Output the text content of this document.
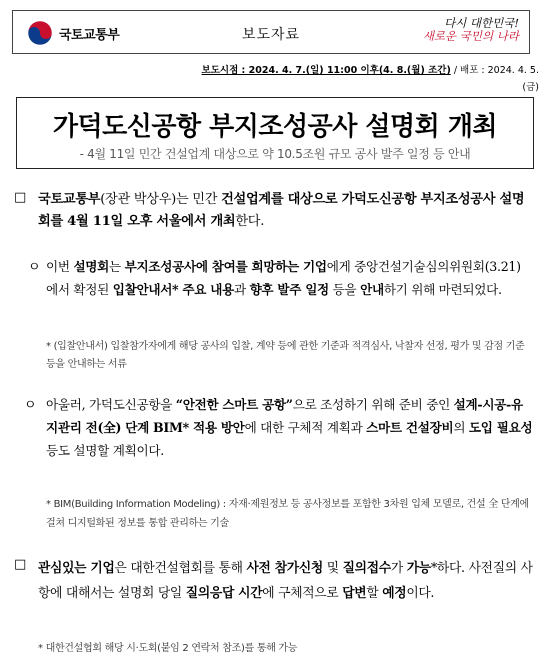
국토교통부	보도자료
다시 대한민국!
새로운 국민의 나라
보도시점 : 2024. 4. 7.(일) 11:00 이후(4. 8.(월) 조간) / 배포 : 2024. 4. 5.
(금)
가덕도신공항 부지조성공사 설명회 개최
- 4월 11일 민간 건설업계 대상으로 약 10.5조원 규모 공사 발주 일정 등 안내
□ 국토교통부(장관 박상우)는 민간 건설업계를 대상으로 가덕도신공항 부지조성공사 설명회를 4월 11일 오후 서울에서 개최한다.
ㅇ 이번 설명회는 부지조성공사에 참여를 희망하는 기업에게 중앙건설기술심의위원회(3.21)에서 확정된 입찰안내서* 주요 내용과 향후 발주 일정 등을 안내하기 위해 마련되었다.
* (입찰안내서) 입찰참가자에게 해당 공사의 입찰, 계약 등에 관한 기준과 적격심사, 낙찰자 선정, 평가 및 감점 기준 등을 안내하는 서류
ㅇ 아울러, 가덕도신공항을 “안전한 스마트 공항”으로 조성하기 위해 준비 중인 설계-시공-유지관리 전(全) 단계 BIM* 적용 방안에 대한 구체적 계획과 스마트 건설장비의 도입 필요성 등도 설명할 계획이다.
* BIM(Building Information Modeling) : 자재·제원정보 등 공사정보를 포함한 3차원 입체 모델로, 건설 全 단계에 걸쳐 디지털화된 정보를 통합 관리하는 기술
□ 관심있는 기업은 대한건설협회를 통해 사전 참가신청 및 질의접수가 가능*하다. 사전질의 사항에 대해서는 설명회 당일 질의응답 시간에 구체적으로 답변할 예정이다.
* 대한건설협회 해당 시·도회(붙임 2 연락처 참조)를 통해 가능
